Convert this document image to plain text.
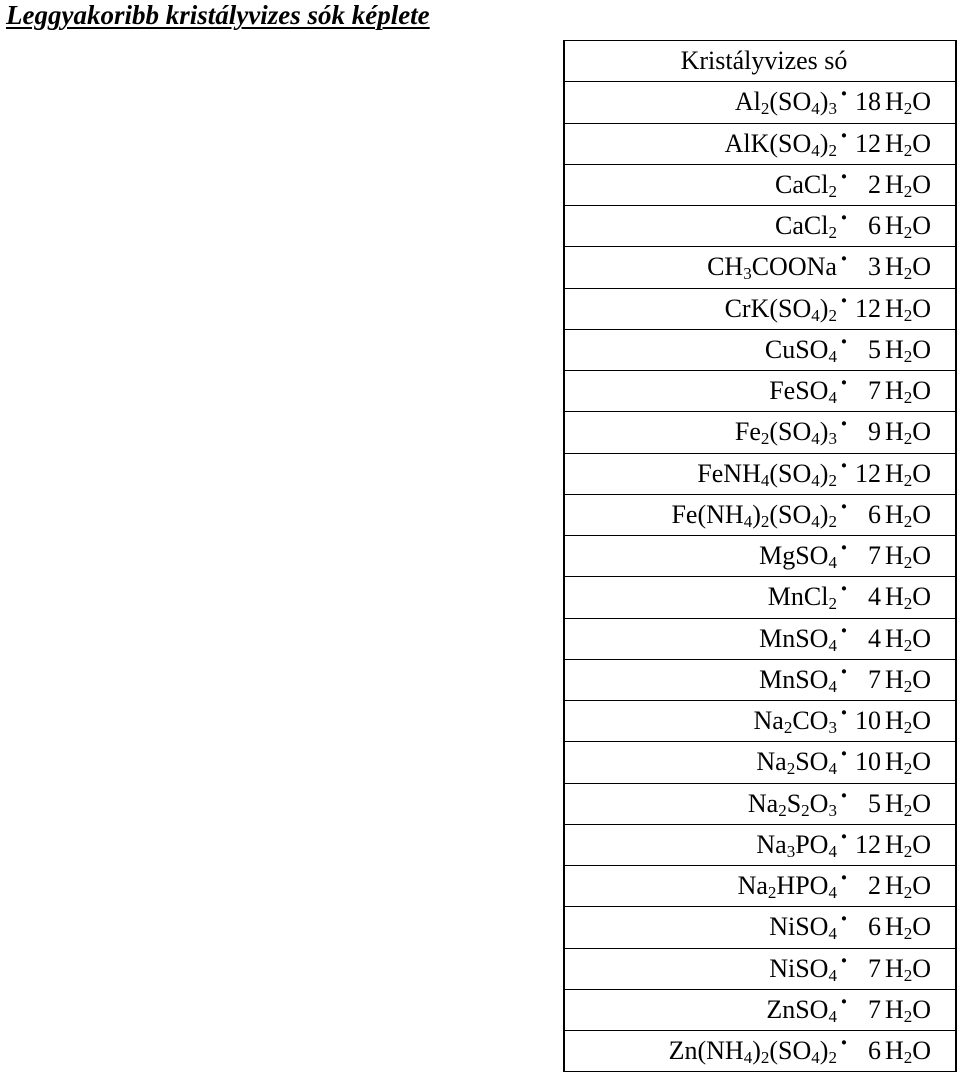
Leggyakoribb kristályvizes sók képlete
Kristályvizes só

$Al_2(SO_4)_3$
· 18 $H_2O$

$AlK(SO_4)_2$
· 12 $H_2O$

CaCl$_2$
· 2 $H_2O$

CaCl$_2$
· 6 $H_2O$

$CH_3COONa \cdot 3$ $H_2O$

$CrK(SO_4)_2$
· 12 $H_2O$

CuSO$_4$
· 5 $H_2O$

FeSO$_4$
· 7 $H_2O$

$Fe_2(SO_4)_3$
· 9 $H_2O$

$FeNH_4(SO_4)_2$
· 12 $H_2O$

$Fe(NH_4)_2(SO_4)_2$
· 6 $H_2O$

MgSO$_4$
· 7 $H_2O$

MnCl$_2$
· 4 $H_2O$

MnSO$_4$
· 4 $H_2O$

MnSO$_4$
· 7 $H_2O$

$Na_2CO_3$
· 10 $H_2O$

$Na_2SO_4$
· 10 $H_2O$

$Na_2S_2O_3$
· 5 $H_2O$

$Na_3PO_4$
· 12 $H_2O$

$Na_2HPO_4$
· 2 $H_2O$

NiSO$_4$
· 6 $H_2O$

NiSO$_4$
· 7 $H_2O$

ZnSO$_4$
· 7 $H_2O$

$Zn(NH_4)_2(SO_4)_2$
· 6 $H_2O$
